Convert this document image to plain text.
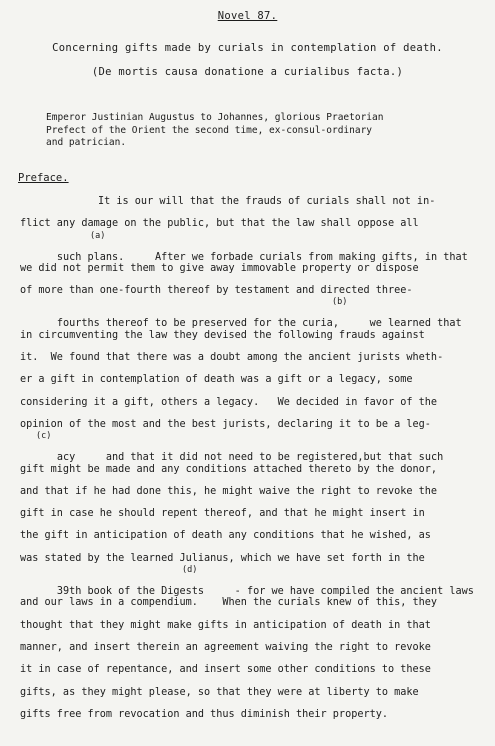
Novel 87.
Concerning gifts made by curials in contemplation of death.
(De mortis causa donatione a curialibus facta.)
Emperor Justinian Augustus to Johannes, glorious Praetorian
Prefect of the Orient the second time, ex-consul-ordinary
and patrician.
Preface.
It is our will that the frauds of curials shall not in-
flict any damage on the public, but that the law shall oppose all

such plans.     After we forbade curials from making gifts, in that

(a)

we did not permit them to give away immovable property or dispose
of more than one-fourth thereof by testament and directed three-

fourths thereof to be preserved for the curia,     we learned that

(b)

in circumventing the law they devised the following frauds against
it.  We found that there was a doubt among the ancient jurists wheth-
er a gift in contemplation of death was a gift or a legacy, some
considering it a gift, others a legacy.   We decided in favor of the
opinion of the most and the best jurists, declaring it to be a leg-

acy     and that it did not need to be registered,but that such

(c)

gift might be made and any conditions attached thereto by the donor,
and that if he had done this, he might waive the right to revoke the
gift in case he should repent thereof, and that he might insert in
the gift in anticipation of death any conditions that he wished, as
was stated by the learned Julianus, which we have set forth in the

39th book of the Digests     - for we have compiled the ancient laws

(d)

and our laws in a compendium.    When the curials knew of this, they
thought that they might make gifts in anticipation of death in that
manner, and insert therein an agreement waiving the right to revoke
it in case of repentance, and insert some other conditions to these
gifts, as they might please, so that they were at liberty to make
gifts free from revocation and thus diminish their property.
